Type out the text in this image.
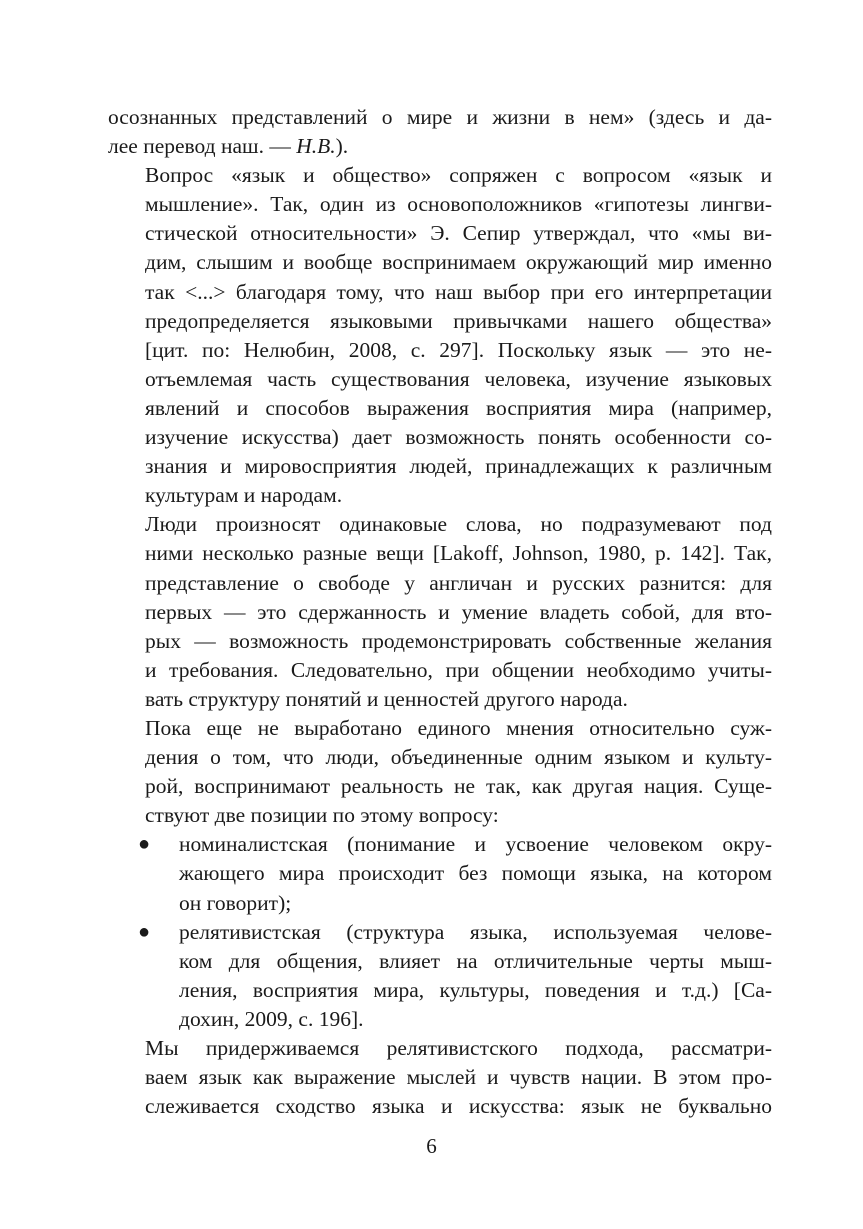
осознанных представлений о мире и жизни в нем» (здесь и да-
лее перевод наш. — Н.В.).

Вопрос «язык и общество» сопряжен с вопросом «язык и
мышление». Так, один из основоположников «гипотезы лингви-
стической относительности» Э. Сепир утверждал, что «мы ви-
дим, слышим и вообще воспринимаем окружающий мир именно
так <...> благодаря тому, что наш выбор при его интерпретации
предопределяется языковыми привычками нашего общества»
[цит. по: Нелюбин, 2008, с. 297]. Поскольку язык — это не-
отъемлемая часть существования человека, изучение языковых
явлений и способов выражения восприятия мира (например,
изучение искусства) дает возможность понять особенности со-
знания и мировосприятия людей, принадлежащих к различным
культурам и народам.

Люди произносят одинаковые слова, но подразумевают под
ними несколько разные вещи [Lakoff, Johnson, 1980, p. 142]. Так,
представление о свободе у англичан и русских разнится: для
первых — это сдержанность и умение владеть собой, для вто-
рых — возможность продемонстрировать собственные желания
и требования. Следовательно, при общении необходимо учиты-
вать структуру понятий и ценностей другого народа.

Пока еще не выработано единого мнения относительно суж-
дения о том, что люди, объединенные одним языком и культу-
рой, воспринимают реальность не так, как другая нация. Суще-
ствуют две позиции по этому вопросу:

● номиналистская (понимание и усвоение человеком окру-
жающего мира происходит без помощи языка, на котором
он говорит);
● релятивистская (структура языка, используемая челове-
ком для общения, влияет на отличительные черты мыш-
ления, восприятия мира, культуры, поведения и т.д.) [Са-
дохин, 2009, с. 196].

Мы придерживаемся релятивистского подхода, рассматри-
ваем язык как выражение мыслей и чувств нации. В этом про-
слеживается сходство языка и искусства: язык не буквально

6
